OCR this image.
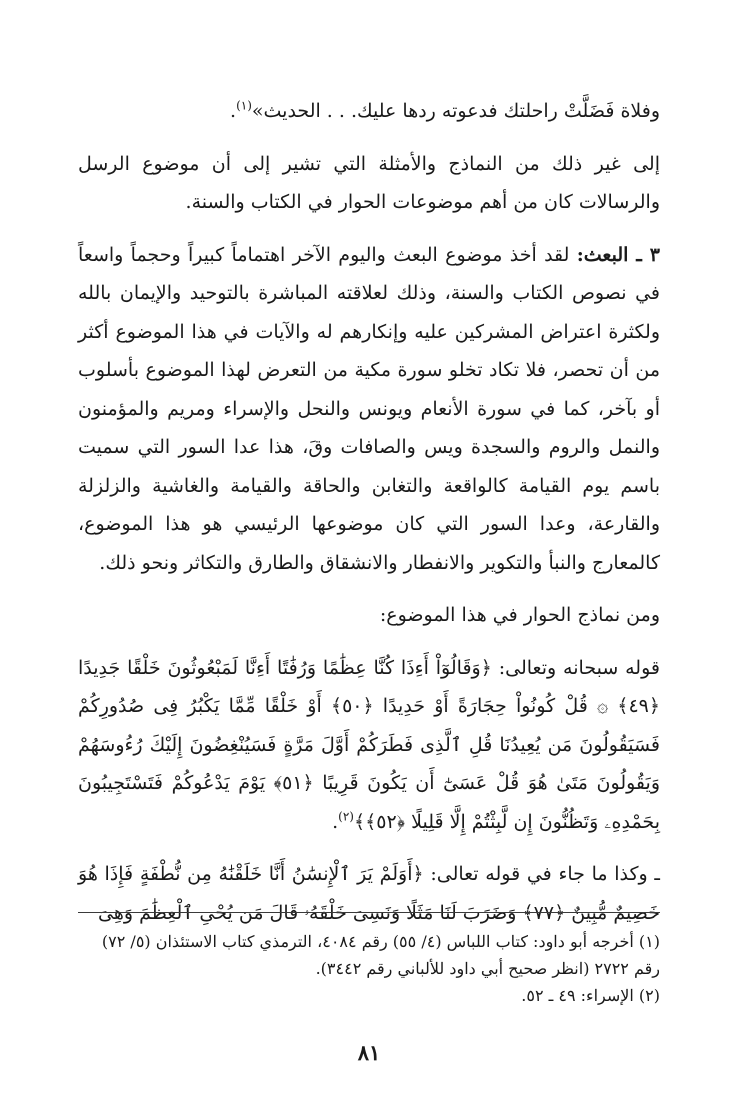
وفلاة فَضَلَّتْ راحلتك فدعوته ردها عليك. . . الحديث»$^{(١)}$.

إلى غير ذلك من النماذج والأمثلة التي تشير إلى أن موضوع الرسل والرسالات كان من أهم موضوعات الحوار في الكتاب والسنة.

٣ ـ البعث: لقد أخذ موضوع البعث واليوم الآخر اهتماماً كبيراً وحجماً واسعاً في نصوص الكتاب والسنة، وذلك لعلاقته المباشرة بالتوحيد والإيمان بالله ولكثرة اعتراض المشركين عليه وإنكارهم له والآيات في هذا الموضوع أكثر من أن تحصر، فلا تكاد تخلو سورة مكية من التعرض لهذا الموضوع بأسلوب أو بآخر، كما في سورة الأنعام ويونس والنحل والإسراء ومريم والمؤمنون والنمل والروم والسجدة ويس والصافات وقَ، هذا عدا السور التي سميت باسم يوم القيامة كالواقعة والتغابن والحاقة والقيامة والغاشية والزلزلة والقارعة، وعدا السور التي كان موضوعها الرئيسي هو هذا الموضوع، كالمعارج والنبأ والتكوير والانفطار والانشقاق والطارق والتكاثر ونحو ذلك.

ومن نماذج الحوار في هذا الموضوع:

قوله سبحانه وتعالى: ﴿وَقَالُوٓاْ أَءِذَا كُنَّا عِظَٰمًا وَرُفَٰتًا أَءِنَّا لَمَبْعُوثُونَ خَلْقًا جَدِيدًا ﴿٤٩﴾ ۞ قُلْ كُونُواْ حِجَارَةً أَوْ حَدِيدًا ﴿٥٠﴾ أَوْ خَلْقًا مِّمَّا يَكْبُرُ فِى صُدُورِكُمْ فَسَيَقُولُونَ مَن يُعِيدُنَا قُلِ ٱلَّذِى فَطَرَكُمْ أَوَّلَ مَرَّةٍ فَسَيُنْغِضُونَ إِلَيْكَ رُءُوسَهُمْ وَيَقُولُونَ مَتَىٰ هُوَ قُلْ عَسَىٰٓ أَن يَكُونَ قَرِيبًا ﴿٥١﴾ يَوْمَ يَدْعُوكُمْ فَتَسْتَجِيبُونَ بِحَمْدِهِۦ وَتَظُنُّونَ إِن لَّبِثْتُمْ إِلَّا قَلِيلًا ﴿٥٢﴾﴾$^{(٢)}$.

ـ وكذا ما جاء في قوله تعالى: ﴿أَوَلَمْ يَرَ ٱلْإِنسَٰنُ أَنَّا خَلَقْنَٰهُ مِن نُّطْفَةٍ فَإِذَا هُوَ خَصِيمٌ مُّبِينٌ ﴿٧٧﴾ وَضَرَبَ لَنَا مَثَلًا وَنَسِىَ خَلْقَهُۥ قَالَ مَن يُحْىِ ٱلْعِظَٰمَ وَهِىَ

(١) أخرجه أبو داود: كتاب اللباس (٤/ ٥٥) رقم ٤٠٨٤، الترمذي كتاب الاستئذان (٥/ ٧٢) رقم ٢٧٢٢ (انظر صحيح أبي داود للألباني رقم ٣٤٤٢).

(٢) الإسراء: ٤٩ ـ ٥٢.

٨١
